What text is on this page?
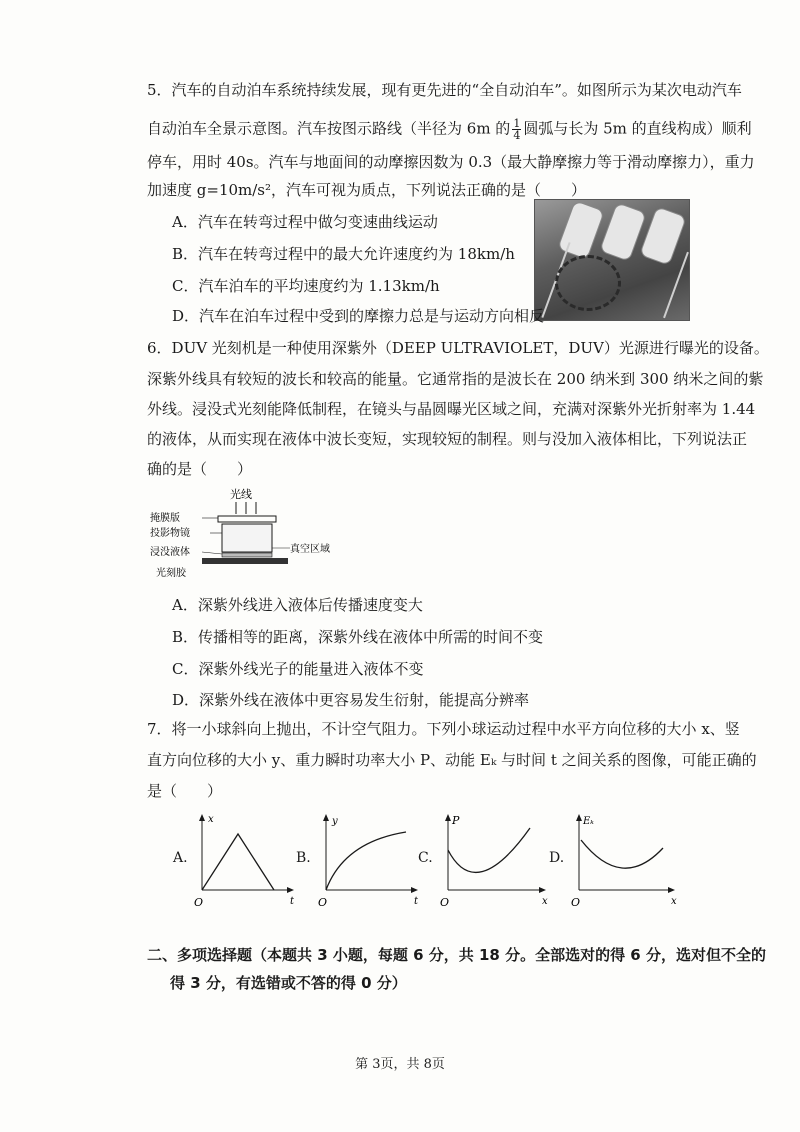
5．汽车的自动泊车系统持续发展，现有更先进的“全自动泊车”。如图所示为某次电动汽车
自动泊车全景示意图。汽车按图示路线（半径为 6m 的 $\frac{1}{4}$ 圆弧与长为 5m 的直线构成）顺利
停车，用时 40s。汽车与地面间的动摩擦因数为 0.3（最大静摩擦力等于滑动摩擦力），重力
加速度 g=10m/s²，汽车可视为质点，下列说法正确的是（　　）
A．汽车在转弯过程中做匀变速曲线运动
B．汽车在转弯过程中的最大允许速度约为 18km/h
C．汽车泊车的平均速度约为 1.13km/h
D．汽车在泊车过程中受到的摩擦力总是与运动方向相反
6．DUV 光刻机是一种使用深紫外（DEEP ULTRAVIOLET，DUV）光源进行曝光的设备。
深紫外线具有较短的波长和较高的能量。它通常指的是波长在 200 纳米到 300 纳米之间的紫
外线。浸没式光刻能降低制程，在镜头与晶圆曝光区域之间，充满对深紫外光折射率为 1.44
的液体，从而实现在液体中波长变短，实现较短的制程。则与没加入液体相比，下列说法正
确的是（　　）
光线
掩膜版
投影物镜
浸没液体
光刻胶
真空区域
A．深紫外线进入液体后传播速度变大
B．传播相等的距离，深紫外线在液体中所需的时间不变
C．深紫外线光子的能量进入液体不变
D．深紫外线在液体中更容易发生衍射，能提高分辨率
7．将一小球斜向上抛出，不计空气阻力。下列小球运动过程中水平方向位移的大小 x、竖
直方向位移的大小 y、重力瞬时功率大小 P、动能 Eₖ 与时间 t 之间关系的图像，可能正确的
是（　　）
A.
x
t
O
B.
y
t
O
C.
P
x
O
D.
Eₖ
x
O
二、多项选择题（本题共 3 小题，每题 6 分，共 18 分。全部选对的得 6 分，选对但不全的
得 3 分，有选错或不答的得 0 分）
第 3页，共 8页
